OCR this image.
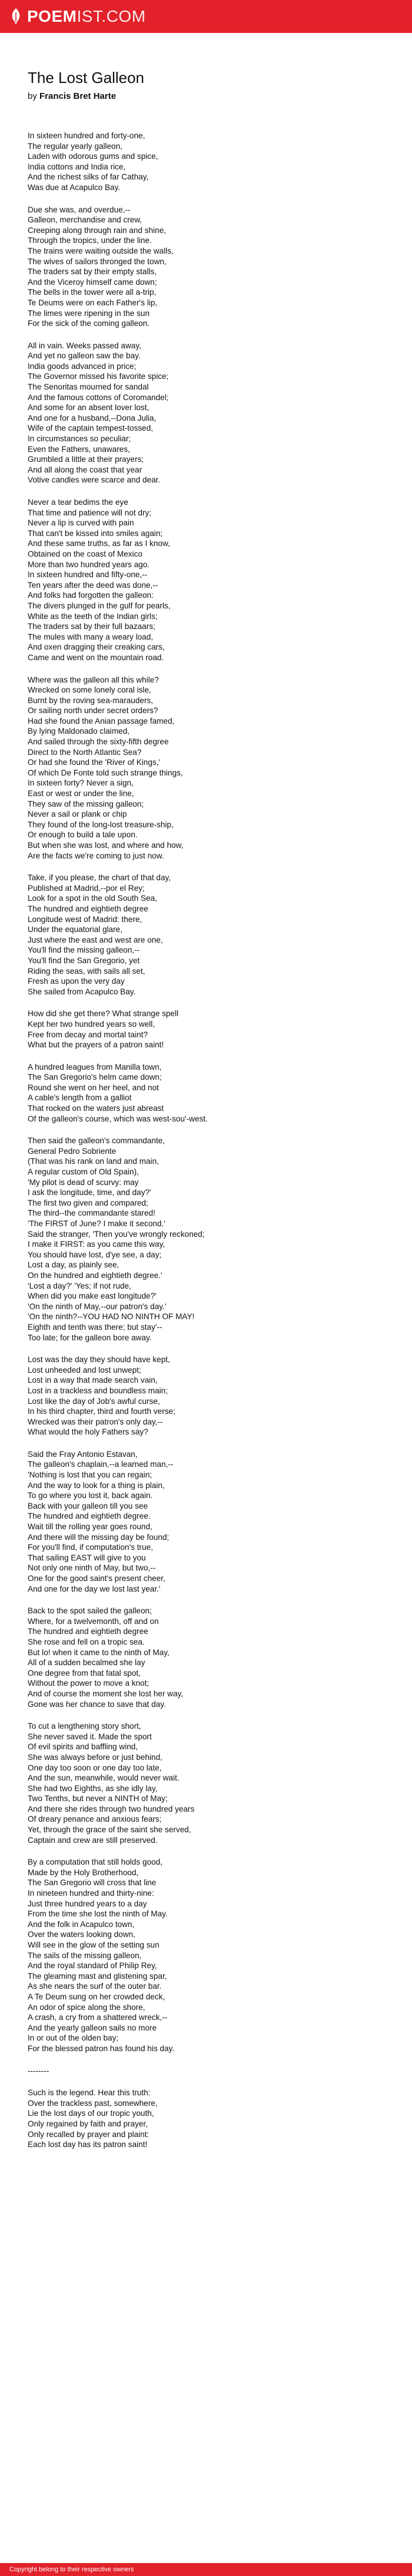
POEMIST.COM
The Lost Galleon
by Francis Bret Harte
In sixteen hundred and forty-one,
The regular yearly galleon,
Laden with odorous gums and spice,
India cottons and India rice,
And the richest silks of far Cathay,
Was due at Acapulco Bay.
Due she was, and overdue,--
Galleon, merchandise and crew,
Creeping along through rain and shine,
Through the tropics, under the line.
The trains were waiting outside the walls,
The wives of sailors thronged the town,
The traders sat by their empty stalls,
And the Viceroy himself came down;
The bells in the tower were all a-trip,
Te Deums were on each Father's lip,
The limes were ripening in the sun
For the sick of the coming galleon.
All in vain. Weeks passed away,
And yet no galleon saw the bay.
India goods advanced in price;
The Governor missed his favorite spice;
The Senoritas mourned for sandal
And the famous cottons of Coromandel;
And some for an absent lover lost,
And one for a husband,--Dona Julia,
Wife of the captain tempest-tossed,
In circumstances so peculiar;
Even the Fathers, unawares,
Grumbled a little at their prayers;
And all along the coast that year
Votive candles were scarce and dear.
Never a tear bedims the eye
That time and patience will not dry;
Never a lip is curved with pain
That can't be kissed into smiles again;
And these same truths, as far as I know,
Obtained on the coast of Mexico
More than two hundred years ago.
In sixteen hundred and fifty-one,--
Ten years after the deed was done,--
And folks had forgotten the galleon:
The divers plunged in the gulf for pearls,
White as the teeth of the Indian girls;
The traders sat by their full bazaars;
The mules with many a weary load,
And oxen dragging their creaking cars,
Came and went on the mountain road.
Where was the galleon all this while?
Wrecked on some lonely coral isle,
Burnt by the roving sea-marauders,
Or sailing north under secret orders?
Had she found the Anian passage famed,
By lying Maldonado claimed,
And sailed through the sixty-fifth degree
Direct to the North Atlantic Sea?
Or had she found the 'River of Kings,'
Of which De Fonte told such strange things,
In sixteen forty? Never a sign,
East or west or under the line,
They saw of the missing galleon;
Never a sail or plank or chip
They found of the long-lost treasure-ship,
Or enough to build a tale upon.
But when she was lost, and where and how,
Are the facts we're coming to just now.
Take, if you please, the chart of that day,
Published at Madrid,--por el Rey;
Look for a spot in the old South Sea,
The hundred and eightieth degree
Longitude west of Madrid: there,
Under the equatorial glare,
Just where the east and west are one,
You'll find the missing galleon,--
You'll find the San Gregorio, yet
Riding the seas, with sails all set,
Fresh as upon the very day
She sailed from Acapulco Bay.
How did she get there? What strange spell
Kept her two hundred years so well,
Free from decay and mortal taint?
What but the prayers of a patron saint!
A hundred leagues from Manilla town,
The San Gregorio's helm came down;
Round she went on her heel, and not
A cable's length from a galliot
That rocked on the waters just abreast
Of the galleon's course, which was west-sou'-west.
Then said the galleon's commandante,
General Pedro Sobriente
(That was his rank on land and main,
A regular custom of Old Spain),
'My pilot is dead of scurvy: may
I ask the longitude, time, and day?'
The first two given and compared;
The third--the commandante stared!
'The FIRST of June? I make it second.'
Said the stranger, 'Then you've wrongly reckoned;
I make it FIRST: as you came this way,
You should have lost, d'ye see, a day;
Lost a day, as plainly see,
On the hundred and eightieth degree.'
'Lost a day?' 'Yes; if not rude,
When did you make east longitude?'
'On the ninth of May,--our patron's day.'
'On the ninth?--YOU HAD NO NINTH OF MAY!
Eighth and tenth was there; but stay'--
Too late; for the galleon bore away.
Lost was the day they should have kept,
Lost unheeded and lost unwept;
Lost in a way that made search vain,
Lost in a trackless and boundless main;
Lost like the day of Job's awful curse,
In his third chapter, third and fourth verse;
Wrecked was their patron's only day,--
What would the holy Fathers say?
Said the Fray Antonio Estavan,
The galleon's chaplain,--a learned man,--
'Nothing is lost that you can regain;
And the way to look for a thing is plain,
To go where you lost it, back again.
Back with your galleon till you see
The hundred and eightieth degree.
Wait till the rolling year goes round,
And there will the missing day be found;
For you'll find, if computation's true,
That sailing EAST will give to you
Not only one ninth of May, but two,--
One for the good saint's present cheer,
And one for the day we lost last year.'
Back to the spot sailed the galleon;
Where, for a twelvemonth, off and on
The hundred and eightieth degree
She rose and fell on a tropic sea.
But lo! when it came to the ninth of May,
All of a sudden becalmed she lay
One degree from that fatal spot,
Without the power to move a knot;
And of course the moment she lost her way,
Gone was her chance to save that day.
To cut a lengthening story short,
She never saved it. Made the sport
Of evil spirits and baffling wind,
She was always before or just behind,
One day too soon or one day too late,
And the sun, meanwhile, would never wait.
She had two Eighths, as she idly lay,
Two Tenths, but never a NINTH of May;
And there she rides through two hundred years
Of dreary penance and anxious fears;
Yet, through the grace of the saint she served,
Captain and crew are still preserved.
By a computation that still holds good,
Made by the Holy Brotherhood,
The San Gregorio will cross that line
In nineteen hundred and thirty-nine:
Just three hundred years to a day
From the time she lost the ninth of May.
And the folk in Acapulco town,
Over the waters looking down,
Will see in the glow of the setting sun
The sails of the missing galleon,
And the royal standard of Philip Rey,
The gleaming mast and glistening spar,
As she nears the surf of the outer bar.
A Te Deum sung on her crowded deck,
An odor of spice along the shore,
A crash, a cry from a shattered wreck,--
And the yearly galleon sails no more
In or out of the olden bay;
For the blessed patron has found his day.
--------
Such is the legend. Hear this truth:
Over the trackless past, somewhere,
Lie the lost days of our tropic youth,
Only regained by faith and prayer,
Only recalled by prayer and plaint:
Each lost day has its patron saint!
Copyright belong to their respective owners
